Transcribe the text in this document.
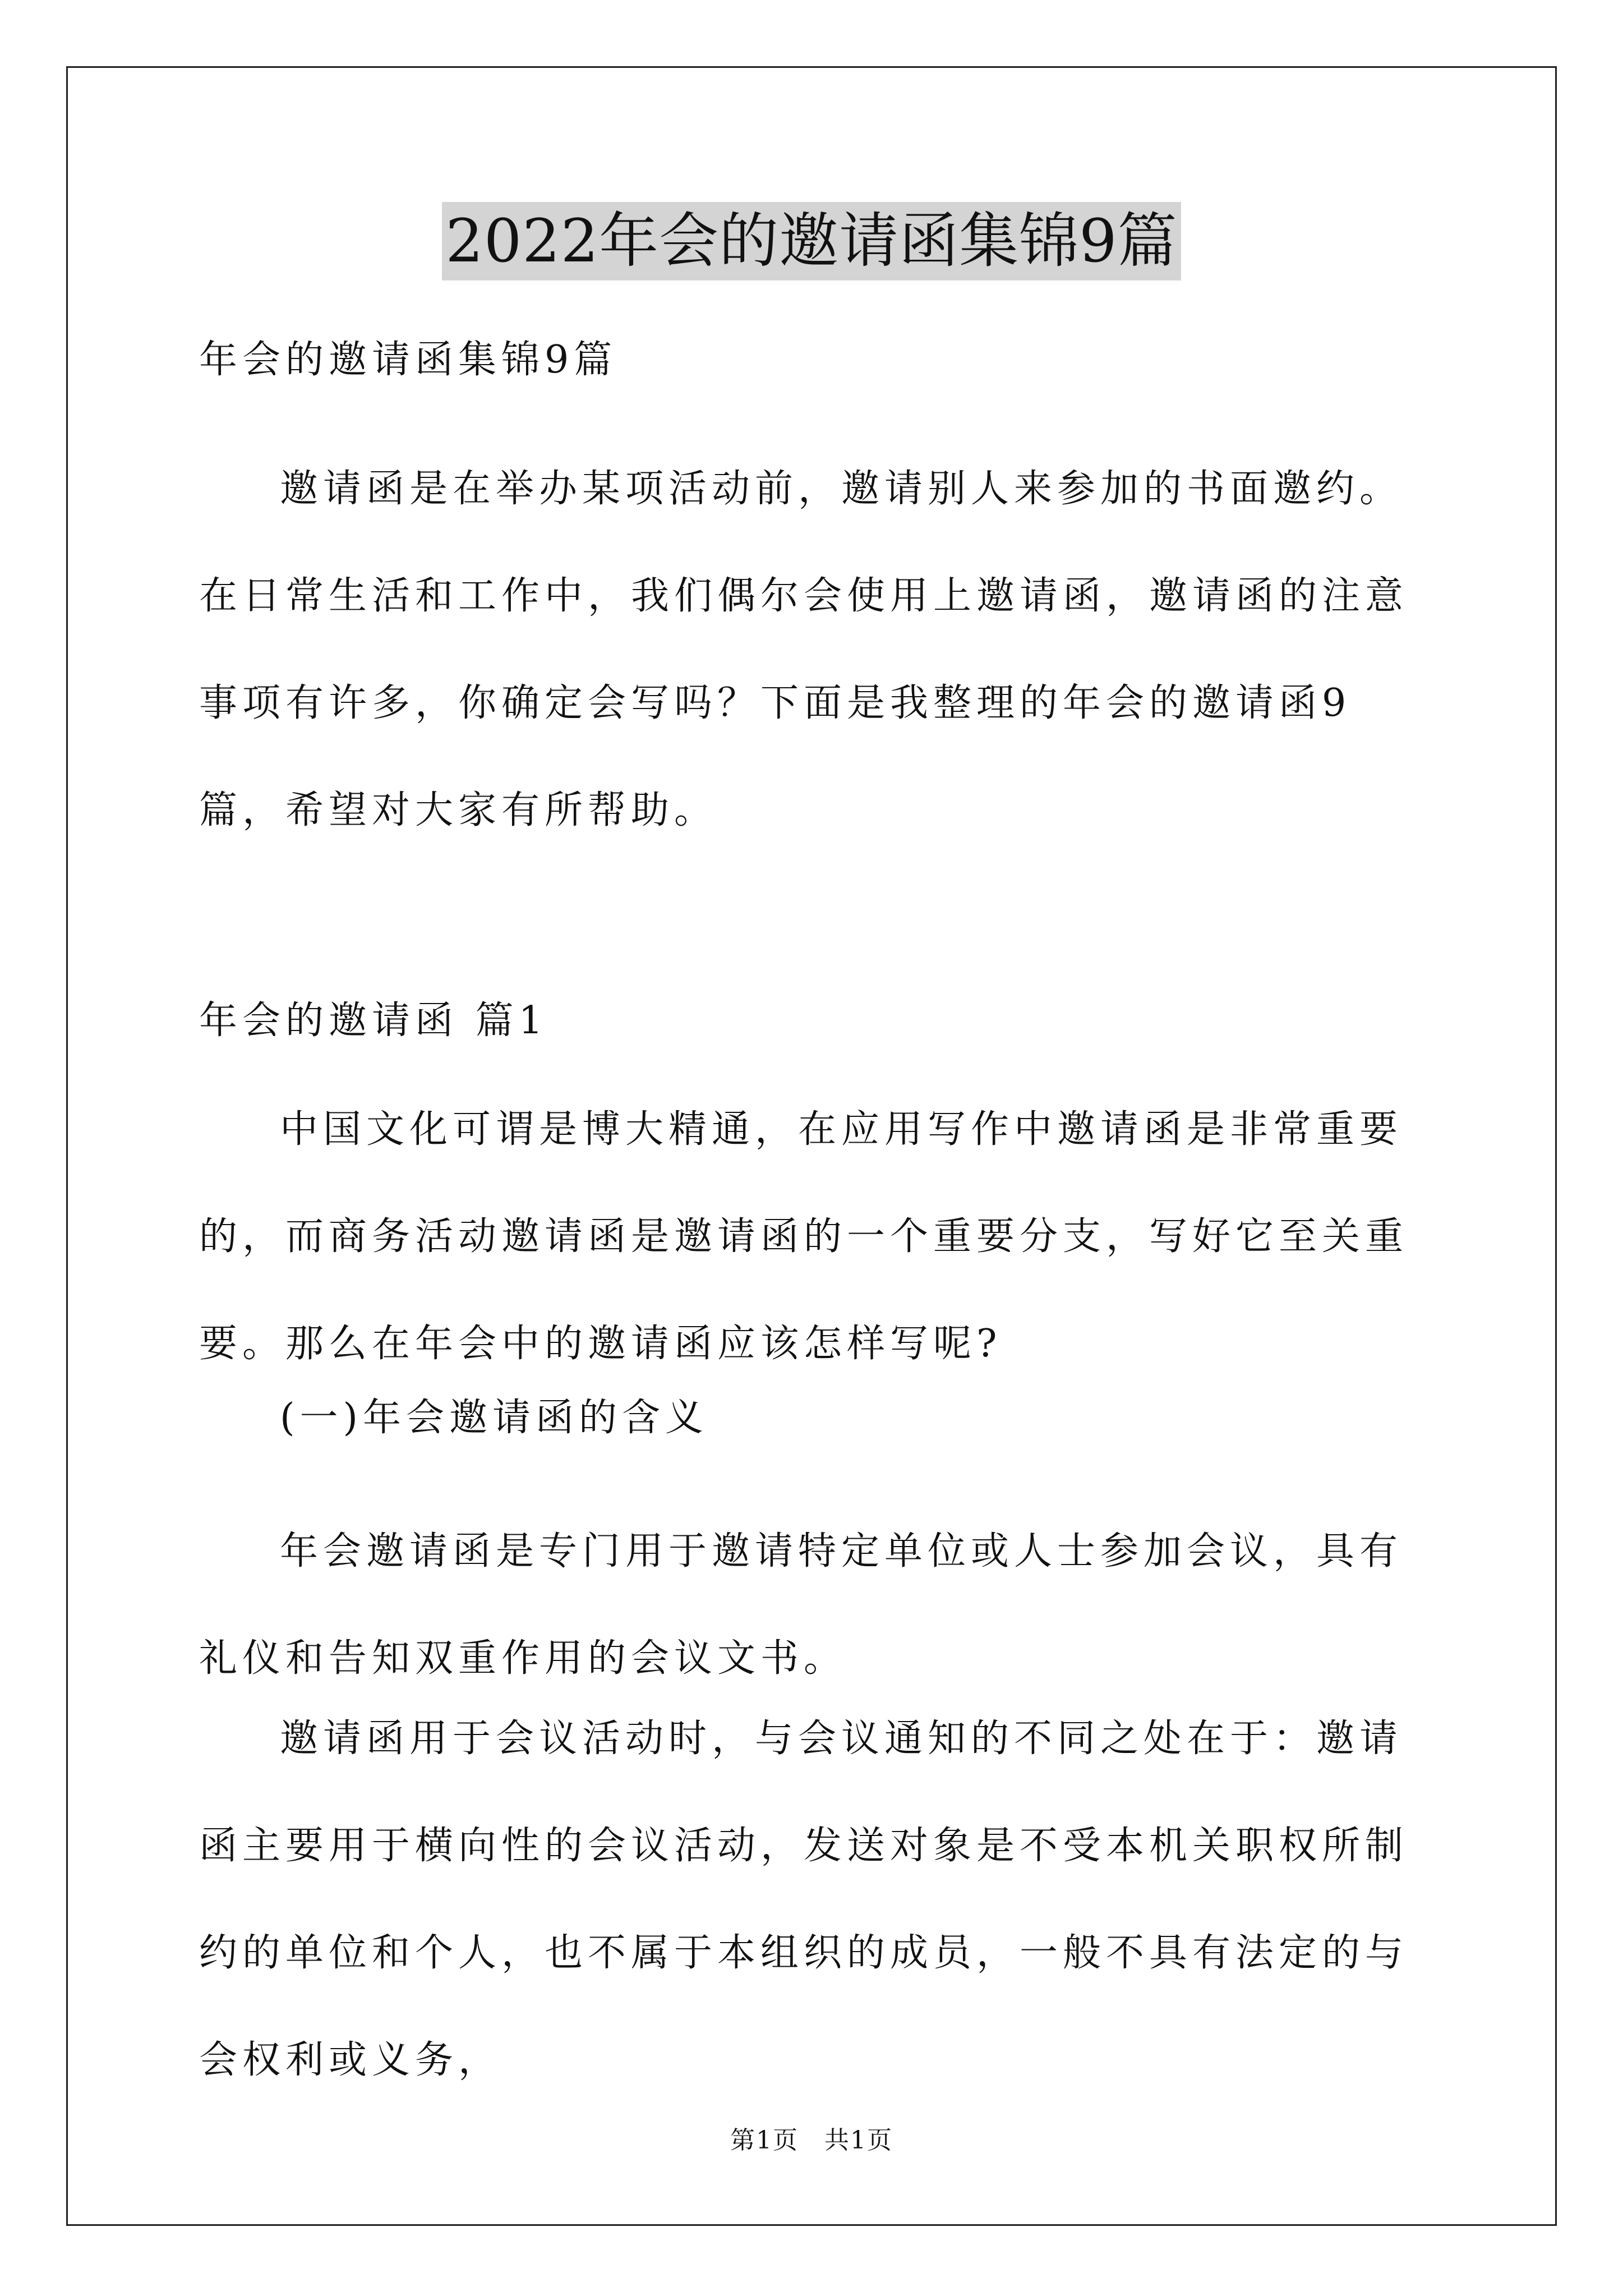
2022年会的邀请函集锦9篇

年会的邀请函集锦9篇

邀请函是在举办某项活动前，邀请别人来参加的书面邀约。在日常生活和工作中，我们偶尔会使用上邀请函，邀请函的注意事项有许多，你确定会写吗？下面是我整理的年会的邀请函9篇，希望对大家有所帮助。

年会的邀请函 篇1

中国文化可谓是博大精通，在应用写作中邀请函是非常重要的，而商务活动邀请函是邀请函的一个重要分支，写好它至关重要。那么在年会中的邀请函应该怎样写呢?

(一)年会邀请函的含义

年会邀请函是专门用于邀请特定单位或人士参加会议，具有礼仪和告知双重作用的会议文书。

邀请函用于会议活动时，与会议通知的不同之处在于：邀请函主要用于横向性的会议活动，发送对象是不受本机关职权所制约的单位和个人，也不属于本组织的成员，一般不具有法定的与会权利或义务，

第1页　共1页
